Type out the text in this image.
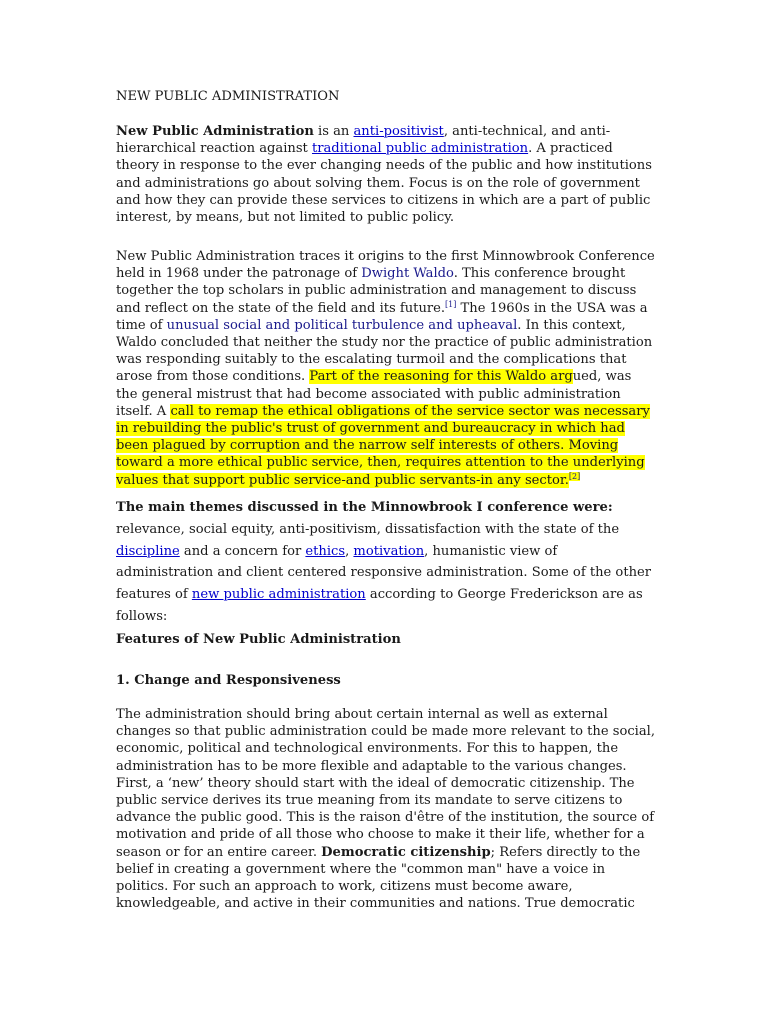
NEW PUBLIC ADMINISTRATION

New Public Administration is an anti-positivist, anti-technical, and anti-hierarchical reaction against traditional public administration. A practiced theory in response to the ever changing needs of the public and how institutions and administrations go about solving them. Focus is on the role of government and how they can provide these services to citizens in which are a part of public interest, by means, but not limited to public policy.

New Public Administration traces it origins to the first Minnowbrook Conference held in 1968 under the patronage of Dwight Waldo. This conference brought together the top scholars in public administration and management to discuss and reflect on the state of the field and its future.[1] The 1960s in the USA was a time of unusual social and political turbulence and upheaval. In this context, Waldo concluded that neither the study nor the practice of public administration was responding suitably to the escalating turmoil and the complications that arose from those conditions. Part of the reasoning for this Waldo argued, was the general mistrust that had become associated with public administration itself. A call to remap the ethical obligations of the service sector was necessary in rebuilding the public's trust of government and bureaucracy in which had been plagued by corruption and the narrow self interests of others. Moving toward a more ethical public service, then, requires attention to the underlying values that support public service-and public servants-in any sector.[2]

The main themes discussed in the Minnowbrook I conference were: relevance, social equity, anti-positivism, dissatisfaction with the state of the discipline and a concern for ethics, motivation, humanistic view of administration and client centered responsive administration. Some of the other features of new public administration according to George Frederickson are as follows:

Features of New Public Administration

1. Change and Responsiveness

The administration should bring about certain internal as well as external changes so that public administration could be made more relevant to the social, economic, political and technological environments. For this to happen, the administration has to be more flexible and adaptable to the various changes. First, a ‘new’ theory should start with the ideal of democratic citizenship. The public service derives its true meaning from its mandate to serve citizens to advance the public good. This is the raison d'être of the institution, the source of motivation and pride of all those who choose to make it their life, whether for a season or for an entire career. Democratic citizenship; Refers directly to the belief in creating a government where the "common man" have a voice in politics. For such an approach to work, citizens must become aware, knowledgeable, and active in their communities and nations. True democratic
